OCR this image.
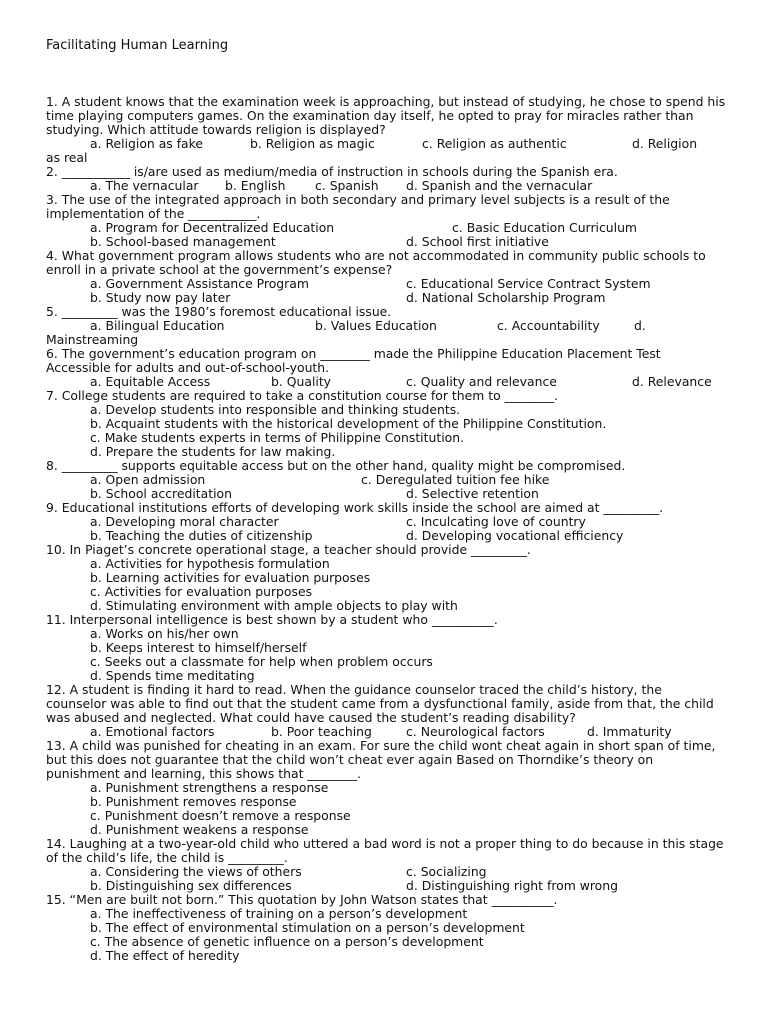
Facilitating Human Learning
1. A student knows that the examination week is approaching, but instead of studying, he chose to spend his time playing computers games. On the examination day itself, he opted to pray for miracles rather than studying. Which attitude towards religion is displayed?
a. Religion as fake	b. Religion as magic	c. Religion as authentic	d. Religion
as real
2. ___________ is/are used as medium/media of instruction in schools during the Spanish era.
a. The vernacular b. English c. Spanish d. Spanish and the vernacular
3. The use of the integrated approach in both secondary and primary level subjects is a result of the implementation of the ___________.
a. Program for Decentralized Education	c. Basic Education Curriculum
b. School-based management	d. School first initiative
4. What government program allows students who are not accommodated in community public schools to enroll in a private school at the government’s expense?
a. Government Assistance Program	c. Educational Service Contract System
b. Study now pay later	d. National Scholarship Program
5. _________ was the 1980’s foremost educational issue.
a. Bilingual Education	b. Values Education	c. Accountability	d.
Mainstreaming
6. The government’s education program on ________ made the Philippine Education Placement Test Accessible for adults and out-of-school-youth.
a. Equitable Access	b. Quality	c. Quality and relevance	d. Relevance
7. College students are required to take a constitution course for them to ________.
a. Develop students into responsible and thinking students.
b. Acquaint students with the historical development of the Philippine Constitution.
c. Make students experts in terms of Philippine Constitution.
d. Prepare the students for law making.
8. _________ supports equitable access but on the other hand, quality might be compromised.
a. Open admission	c. Deregulated tuition fee hike
b. School accreditation	d. Selective retention
9. Educational institutions efforts of developing work skills inside the school are aimed at _________.
a. Developing moral character	c. Inculcating love of country
b. Teaching the duties of citizenship	d. Developing vocational efficiency
10. In Piaget’s concrete operational stage, a teacher should provide _________.
a. Activities for hypothesis formulation
b. Learning activities for evaluation purposes
c. Activities for evaluation purposes
d. Stimulating environment with ample objects to play with
11. Interpersonal intelligence is best shown by a student who __________.
a. Works on his/her own
b. Keeps interest to himself/herself
c. Seeks out a classmate for help when problem occurs
d. Spends time meditating
12. A student is finding it hard to read. When the guidance counselor traced the child’s history, the counselor was able to find out that the student came from a dysfunctional family, aside from that, the child was abused and neglected. What could have caused the student’s reading disability?
a. Emotional factors	b. Poor teaching	c. Neurological factors	d. Immaturity
13. A child was punished for cheating in an exam. For sure the child wont cheat again in short span of time, but this does not guarantee that the child won’t cheat ever again Based on Thorndike’s theory on punishment and learning, this shows that ________.
a. Punishment strengthens a response
b. Punishment removes response
c. Punishment doesn’t remove a response
d. Punishment weakens a response
14. Laughing at a two-year-old child who uttered a bad word is not a proper thing to do because in this stage of the child’s life, the child is _________.
a. Considering the views of others	c. Socializing
b. Distinguishing sex differences	d. Distinguishing right from wrong
15. “Men are built not born.” This quotation by John Watson states that __________.
a. The ineffectiveness of training on a person’s development
b. The effect of environmental stimulation on a person’s development
c. The absence of genetic influence on a person’s development
d. The effect of heredity
